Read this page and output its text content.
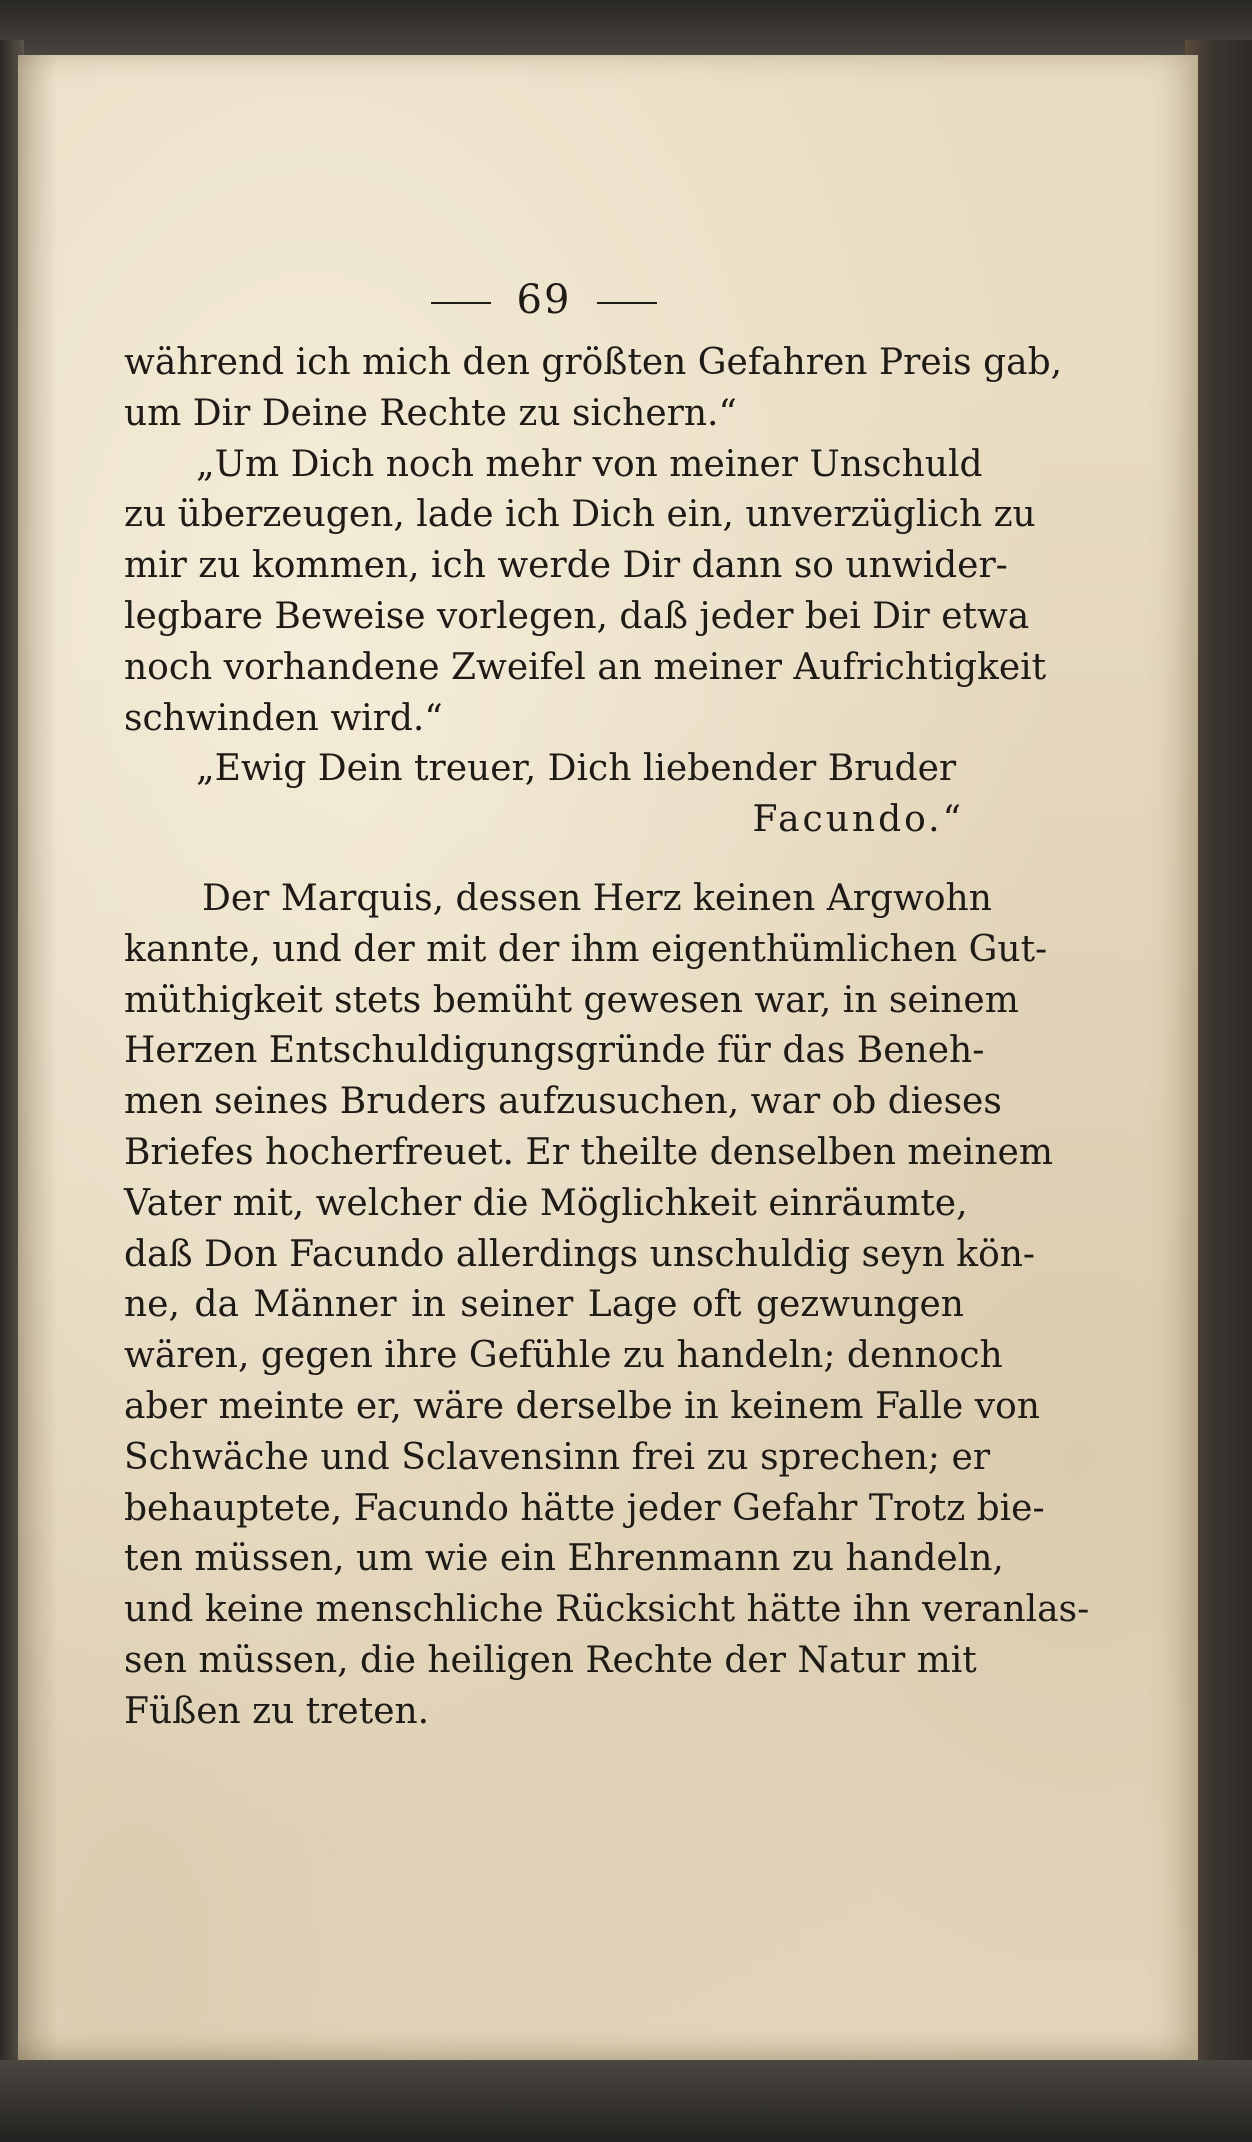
69
während ich mich den größten Gefahren Preis gab,
um Dir Deine Rechte zu sichern.“
„Um Dich noch mehr von meiner Unschuld
zu überzeugen, lade ich Dich ein, unverzüglich zu
mir zu kommen, ich werde Dir dann so unwider-
legbare Beweise vorlegen, daß jeder bei Dir etwa
noch vorhandene Zweifel an meiner Aufrichtigkeit
schwinden wird.“
„Ewig Dein treuer, Dich liebender Bruder
Facundo.“
Der Marquis, dessen Herz keinen Argwohn
kannte, und der mit der ihm eigenthümlichen Gut-
müthigkeit stets bemüht gewesen war, in seinem
Herzen Entschuldigungsgründe für das Beneh-
men seines Bruders aufzusuchen, war ob dieses
Briefes hocherfreuet. Er theilte denselben meinem
Vater mit, welcher die Möglichkeit einräumte,
daß Don Facundo allerdings unschuldig seyn kön-
ne, da Männer in seiner Lage oft gezwungen
wären, gegen ihre Gefühle zu handeln; dennoch
aber meinte er, wäre derselbe in keinem Falle von
Schwäche und Sclavensinn frei zu sprechen; er
behauptete, Facundo hätte jeder Gefahr Trotz bie-
ten müssen, um wie ein Ehrenmann zu handeln,
und keine menschliche Rücksicht hätte ihn veranlas-
sen müssen, die heiligen Rechte der Natur mit
Füßen zu treten.
